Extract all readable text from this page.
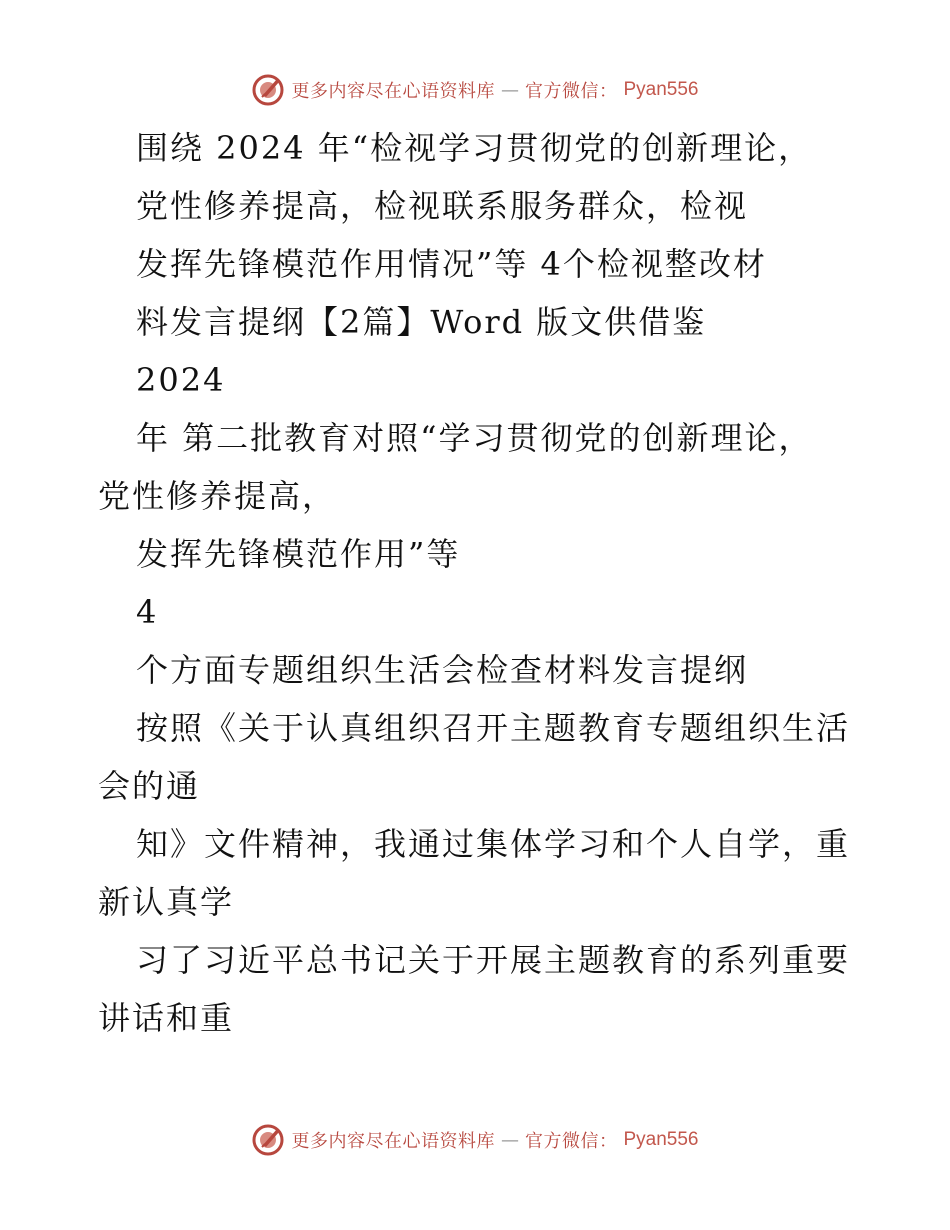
更多内容尽在心语资料库 — 官方微信： Pyan556
围绕 2024 年“检视学习贯彻党的创新理论，
党性修养提高，检视联系服务群众，检视
发挥先锋模范作用情况”等 4个检视整改材
料发言提纲【2篇】Word 版文供借鉴
2024
年 第二批教育对照“学习贯彻党的创新理论，
党性修养提高，
发挥先锋模范作用”等
4
个方面专题组织生活会检查材料发言提纲
按照《关于认真组织召开主题教育专题组织生活
会的通
知》文件精神，我通过集体学习和个人自学，重
新认真学
习了习近平总书记关于开展主题教育的系列重要
讲话和重
更多内容尽在心语资料库 — 官方微信： Pyan556
